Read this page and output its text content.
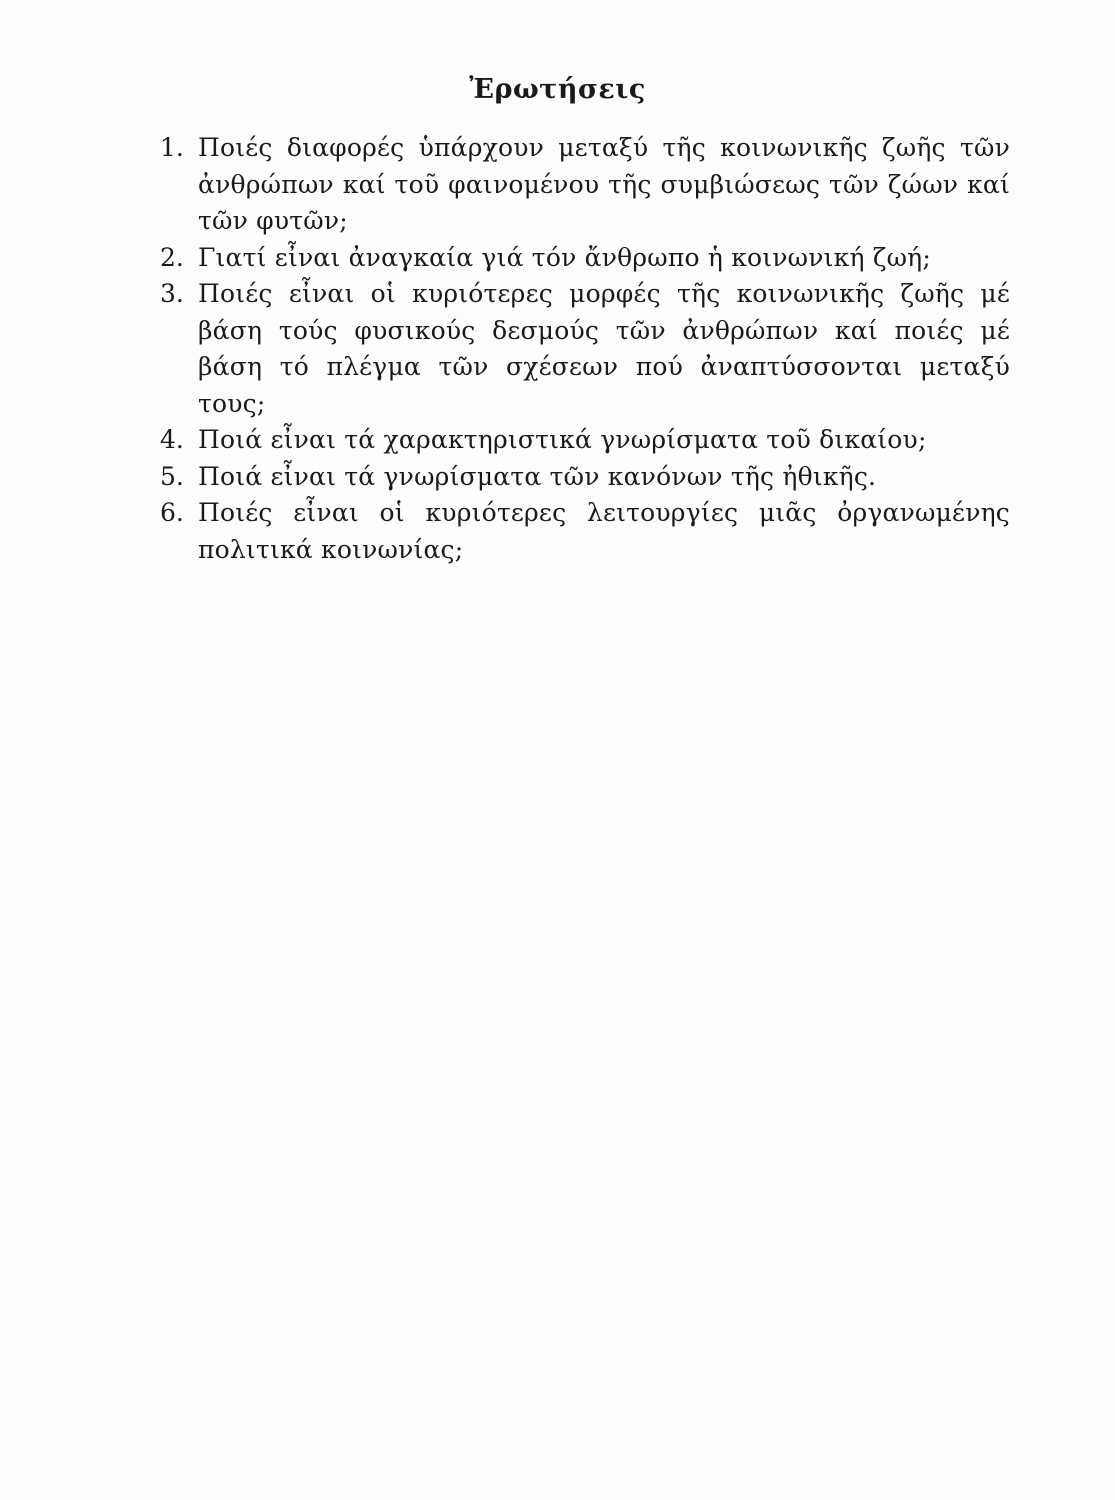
Ἐρωτήσεις
1. Ποιές διαφορές ὑπάρχουν μεταξύ τῆς κοινωνικῆς ζωῆς τῶν ἀνθρώπων καί τοῦ φαινομένου τῆς συμβιώσεως τῶν ζώων καί τῶν φυτῶν;
2. Γιατί εἶναι ἀναγκαία γιά τόν ἄνθρωπο ἡ κοινωνική ζωή;
3. Ποιές εἶναι οἱ κυριότερες μορφές τῆς κοινωνικῆς ζωῆς μέ βάση τούς φυσικούς δεσμούς τῶν ἀνθρώπων καί ποιές μέ βάση τό πλέγμα τῶν σχέσεων πού ἀναπτύσσονται μεταξύ τους;
4. Ποιά εἶναι τά χαρακτηριστικά γνωρίσματα τοῦ δικαίου;
5. Ποιά εἶναι τά γνωρίσματα τῶν κανόνων τῆς ἠθικῆς.
6. Ποιές εἶναι οἱ κυριότερες λειτουργίες μιᾶς ὀργανωμένης πολιτικά κοινωνίας;
